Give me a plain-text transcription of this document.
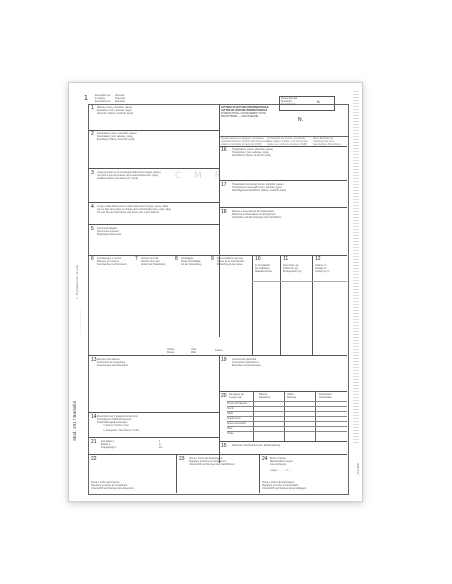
Mod. 191 / Bartolini
1 - 15 (Cassetta 19 - 21 e 22)
·····························
CFA 4000
1	Esemplare per
il mittente
Exemplaire de
Afzender
Absender
Exemplar
LETTERA DI VETTURA INTERNAZIONALE
LETTRE DE VOITURE INTERNATIONALE
INTERNATIONAL CONSIGNMENT NOTE
FRACHTBRIEF — FRAKTSEDDEL
N.
Nuova Azienda
Spedizioni
Internazionali
N.
Questo trasporto è soggetto, nonostante
qualsiasi clausola contraria, alla Convenzione
relativa al contratto di trasporto (CMR)
Ce transport est soumis, nonobstant
toute clause contraire, à la Convention
relative au contrat de transport (CMR)
Diese Beförderung
unterliegt trotz einer
gegenteiligen Abmachung
C M R
1 Mittente (nome, domicilio, paese)
Expéditeur (nom, adresse, pays)
Absender (Name, Anschrift, Land)
2 Destinatario (nome, domicilio, paese)
Destinataire (nom, adresse, pays)
Empfänger (Name, Anschrift, Land)
3 Luogo previsto per la riconsegna della merce (luogo, paese)
Lieu prévu pour la livraison de la marchandise (lieu, pays)
Auslieferungsort des Gutes (Ort, Land)
4 Luogo e data della presa in carico della merce (luogo, paese, data)
Lieu et date de la prise en charge de la marchandise (lieu, pays, date)
Ort und Tag der Übernahme des Gutes (Ort, Land, Datum)
5 Documenti allegati
Documents annexés
Beigefügte Dokumente
16 Trasportatore (nome, domicilio, paese)
Transporteur (nom, adresse, pays)
Frachtführer (Name, Anschrift, Land)
17 Trasportatori successivi (nome, domicilio, paese)
Transporteurs successifs (nom, adresse, pays)
Nachfolgende Frachtführer (Name, Anschrift, Land)
18 Riserve e osservazioni del trasportatore
Réserves et observations du transporteur
Vorbehalte und Bemerkungen der Frachtführer
6 Contrassegni e numeri
Marques et numéros
Kennzeichen und Nummern
7 Numero dei colli
Nombre des colis
Anzahl der Packstücke
8 Imballaggio
Mode d'emballage
Art der Verpackung
9 Denominazione corrente
Nature de la marchandise
Bezeichnung des Gutes
10
N. di statistica
No statistique
Statistiknummer
11
Peso lordo, kg
Poids brut, kg
Bruttogewicht, kg
12
Volume m³
Cubage m³
Umfang in m³
Classe
Klasse
Cifra
Ziffer
Lettera
13 Istruzioni del mittente
Instructions de l'expéditeur
Anweisungen des Absenders
19 Convenzioni particolari
Conventions particulières
Besondere Vereinbarungen
20 Da pagare da:
À payer par:
Mittente
Expéditeur
Valuta
Monnaie
Destinatario
Destinataire
Prezzo di trasporto
Sconti
Saldo
Supplementi
Spese accessorie
Varie
Totale
14 Prescrizioni per il pagamento del porto
Prescriptions d'affranchissement
Frachtzahlungsanweisungen
☐ Franco / Franco / Frei
☐ Assegnato / Non franco / Unfrei
21 Compilata a
Établie à
Ausgefertigt in
il
le
am	15 Rimborso / Remboursement / Rückerstattung
22
Firma e timbro del mittente
Signature et timbre de l'expéditeur
Unterschrift und Stempel des Absenders
23 Firma e timbro del trasportatore
Signature et timbre du transporteur
Unterschrift und Stempel des Frachtführers
24 Merce ricevuta
Marchandises reçues
Gut empfangen
Luogo ............. il .......
Firma e timbro del destinatario
Signature et timbre du destinataire
Unterschrift und Stempel des Empfängers
